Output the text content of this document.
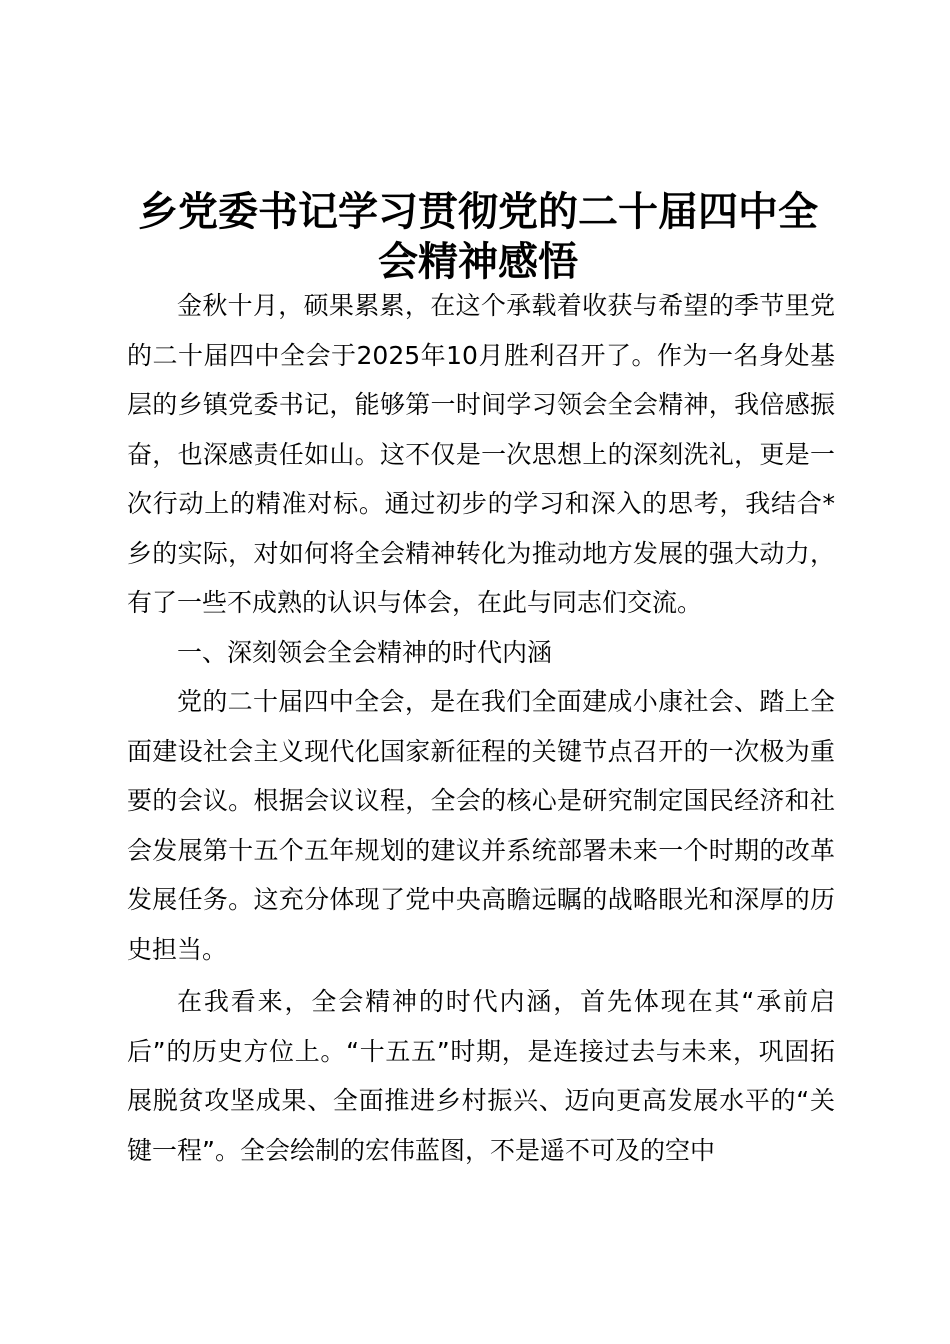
乡党委书记学习贯彻党的二十届四中全会精神感悟

金秋十月，硕果累累，在这个承载着收获与希望的季节里党的二十届四中全会于2025年10月胜利召开了。作为一名身处基层的乡镇党委书记，能够第一时间学习领会全会精神，我倍感振奋，也深感责任如山。这不仅是一次思想上的深刻洗礼，更是一次行动上的精准对标。通过初步的学习和深入的思考，我结合*乡的实际，对如何将全会精神转化为推动地方发展的强大动力，有了一些不成熟的认识与体会，在此与同志们交流。

一、深刻领会全会精神的时代内涵

党的二十届四中全会，是在我们全面建成小康社会、踏上全面建设社会主义现代化国家新征程的关键节点召开的一次极为重要的会议。根据会议议程，全会的核心是研究制定国民经济和社会发展第十五个五年规划的建议并系统部署未来一个时期的改革发展任务。这充分体现了党中央高瞻远瞩的战略眼光和深厚的历史担当。

在我看来，全会精神的时代内涵，首先体现在其“承前启后”的历史方位上。“十五五”时期，是连接过去与未来，巩固拓展脱贫攻坚成果、全面推进乡村振兴、迈向更高发展水平的“关键一程”。全会绘制的宏伟蓝图，不是遥不可及的空中
